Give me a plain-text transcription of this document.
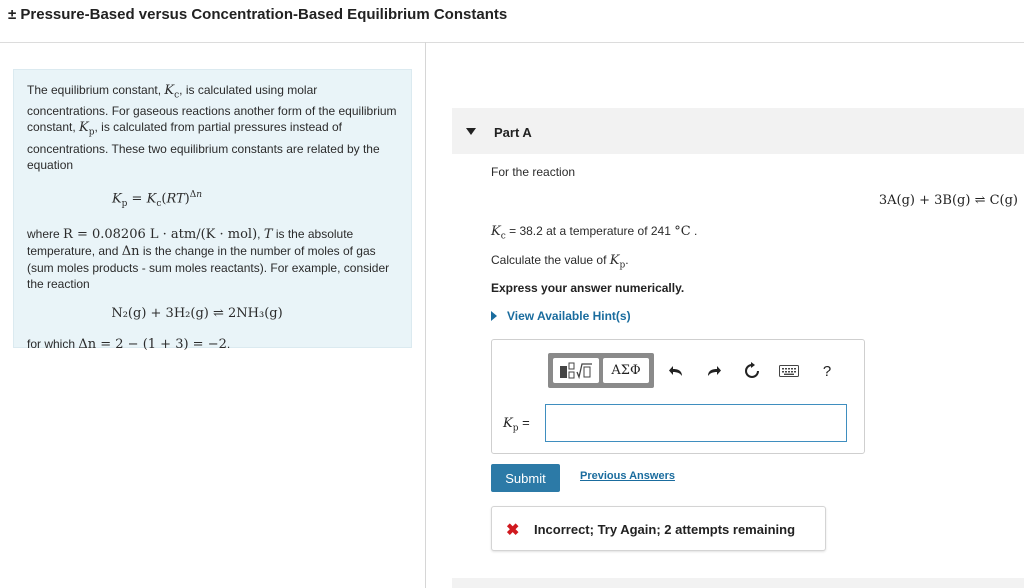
± Pressure-Based versus Concentration-Based Equilibrium Constants

The equilibrium constant, $K_c$, is calculated using molar concentrations. For gaseous reactions another form of the equilibrium constant, $K_p$, is calculated from partial pressures instead of concentrations. These two equilibrium constants are related by the equation

$K_p = K_c(RT)^{\Delta n}$

where R = 0.08206 L · atm/(K · mol), T is the absolute temperature, and Δn is the change in the number of moles of gas (sum moles products - sum moles reactants). For example, consider the reaction

N₂(g) + 3H₂(g) ⇌ 2NH₃(g)

for which Δn = 2 − (1 + 3) = −2.

Part A
For the reaction
3A(g) + 3B(g) ⇌ C(g)
$K_c = 38.2$ at a temperature of 241 °C .
Calculate the value of $K_p$.
Express your answer numerically.
View Available Hint(s)
ΑΣΦ	?
$K_p$ =
Submit	Previous Answers
✖ Incorrect; Try Again; 2 attempts remaining
